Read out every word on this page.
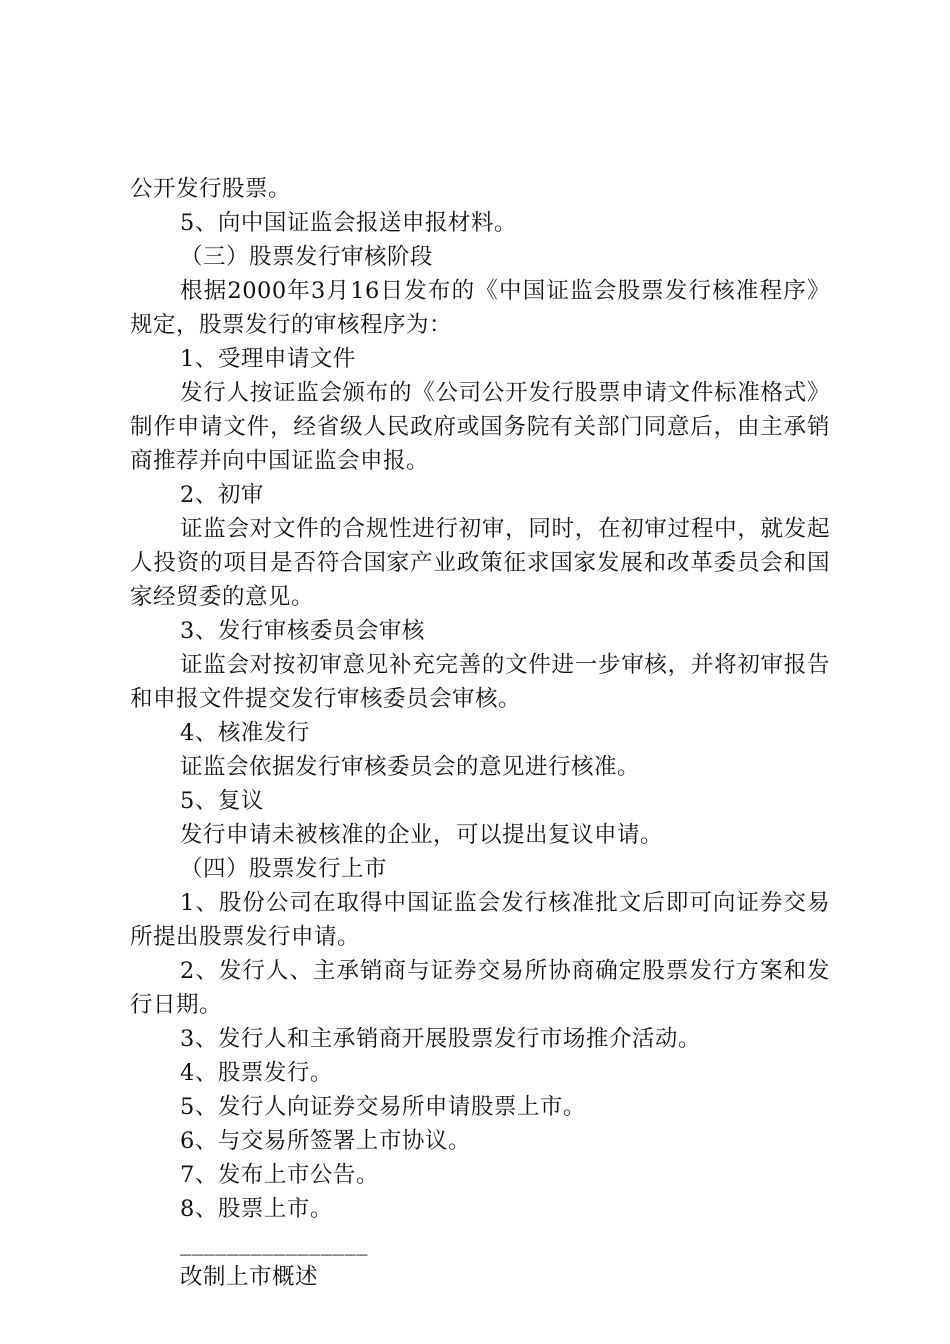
公开发行股票。

5、向中国证监会报送申报材料。

（三）股票发行审核阶段

根据2000年3月16日发布的《中国证监会股票发行核准程序》规定，股票发行的审核程序为：

1、受理申请文件

发行人按证监会颁布的《公司公开发行股票申请文件标准格式》制作申请文件，经省级人民政府或国务院有关部门同意后，由主承销商推荐并向中国证监会申报。

2、初审

证监会对文件的合规性进行初审，同时，在初审过程中，就发起人投资的项目是否符合国家产业政策征求国家发展和改革委员会和国家经贸委的意见。

3、发行审核委员会审核

证监会对按初审意见补充完善的文件进一步审核，并将初审报告和申报文件提交发行审核委员会审核。

4、核准发行

证监会依据发行审核委员会的意见进行核准。

5、复议

发行申请未被核准的企业，可以提出复议申请。

（四）股票发行上市

1、股份公司在取得中国证监会发行核准批文后即可向证券交易所提出股票发行申请。

2、发行人、主承销商与证券交易所协商确定股票发行方案和发行日期。

3、发行人和主承销商开展股票发行市场推介活动。

4、股票发行。

5、发行人向证券交易所申请股票上市。

6、与交易所签署上市协议。

7、发布上市公告。

8、股票上市。

________________

改制上市概述
